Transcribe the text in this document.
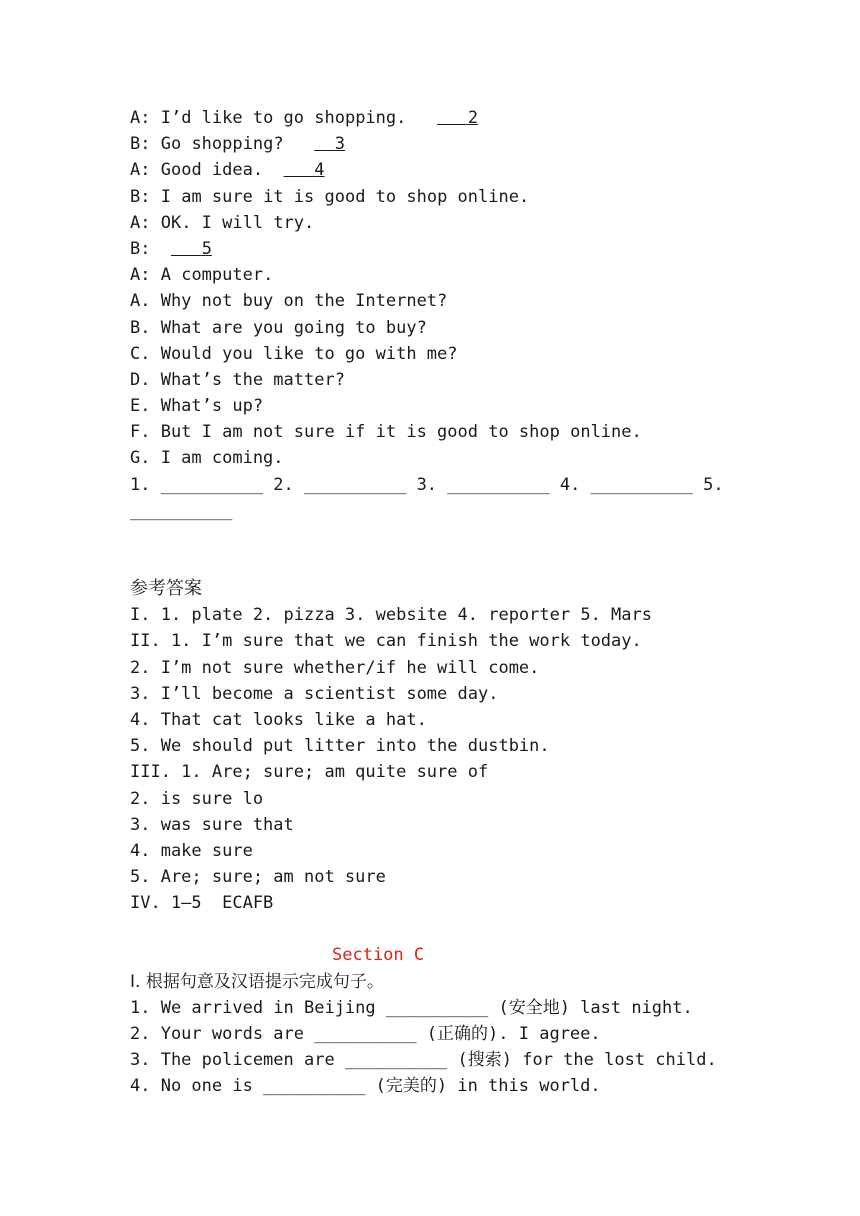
A: I’d like to go shopping.	2
B: Go shopping?	3
A: Good idea.	4
B: I am sure it is good to shop online.
A: OK. I will try.
B:	5
A: A computer.
A. Why not buy on the Internet?
B. What are you going to buy?
C. Would you like to go with me?
D. What’s the matter?
E. What’s up?
F. But I am not sure if it is good to shop online.
G. I am coming.
1. __________ 2. __________ 3. __________ 4. __________ 5.
__________
参考答案
I. 1. plate 2. pizza 3. website 4. reporter 5. Mars
II. 1. I’m sure that we can finish the work today.
2. I’m not sure whether/if he will come.
3. I’ll become a scientist some day.
4. That cat looks like a hat.
5. We should put litter into the dustbin.
III. 1. Are; sure; am quite sure of
2. is sure lo
3. was sure that
4. make sure
5. Are; sure; am not sure
IV. 1—5  ECAFB
Section C
I. 根据句意及汉语提示完成句子。
1. We arrived in Beijing __________ (安全地) last night.
2. Your words are __________ (正确的). I agree.
3. The policemen are __________ (搜索) for the lost child.
4. No one is __________ (完美的) in this world.
